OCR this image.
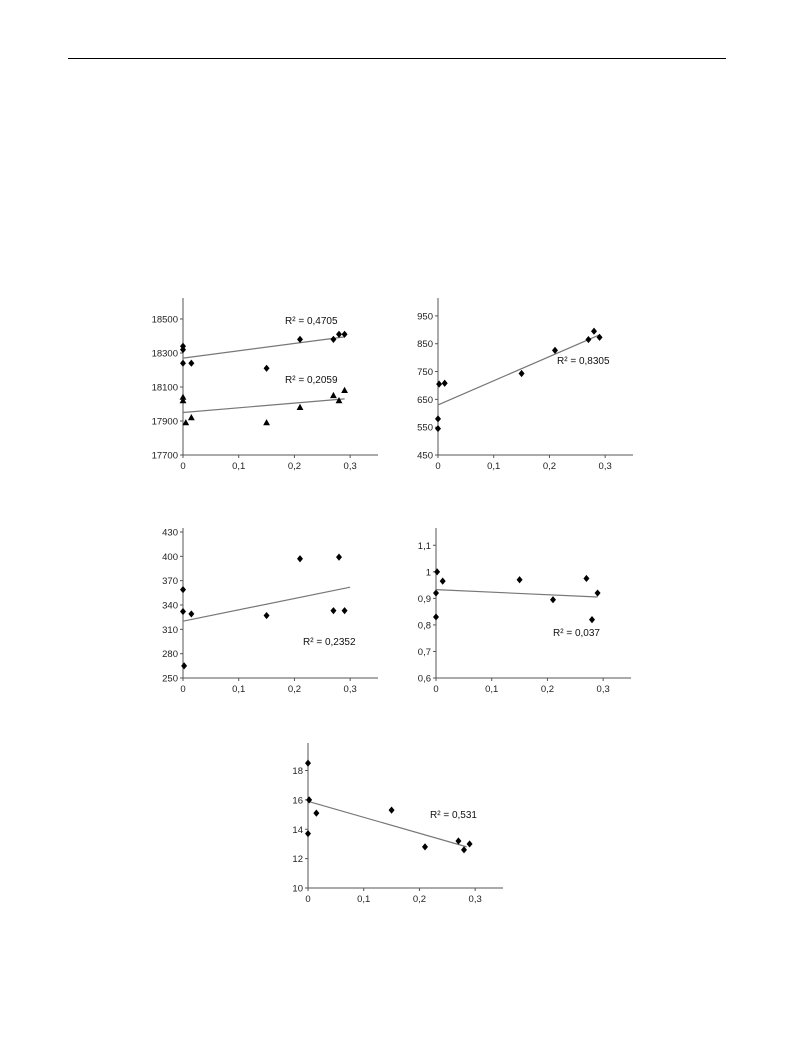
17700
17900
18100
18300
18500
0	0,1	0,2	0,3
R² = 0,4705
R² = 0,2059
450
550
650
750
850
950
0	0,1	0,2	0,3
R² = 0,8305
250
280
310
340
370
400
430
0	0,1	0,2	0,3
R² = 0,2352
0,6
0,7
0,8
0,9
1
1,1
0	0,1	0,2	0,3
R² = 0,037
10
12
14
16
18
0	0,1	0,2	0,3
R² = 0,531
